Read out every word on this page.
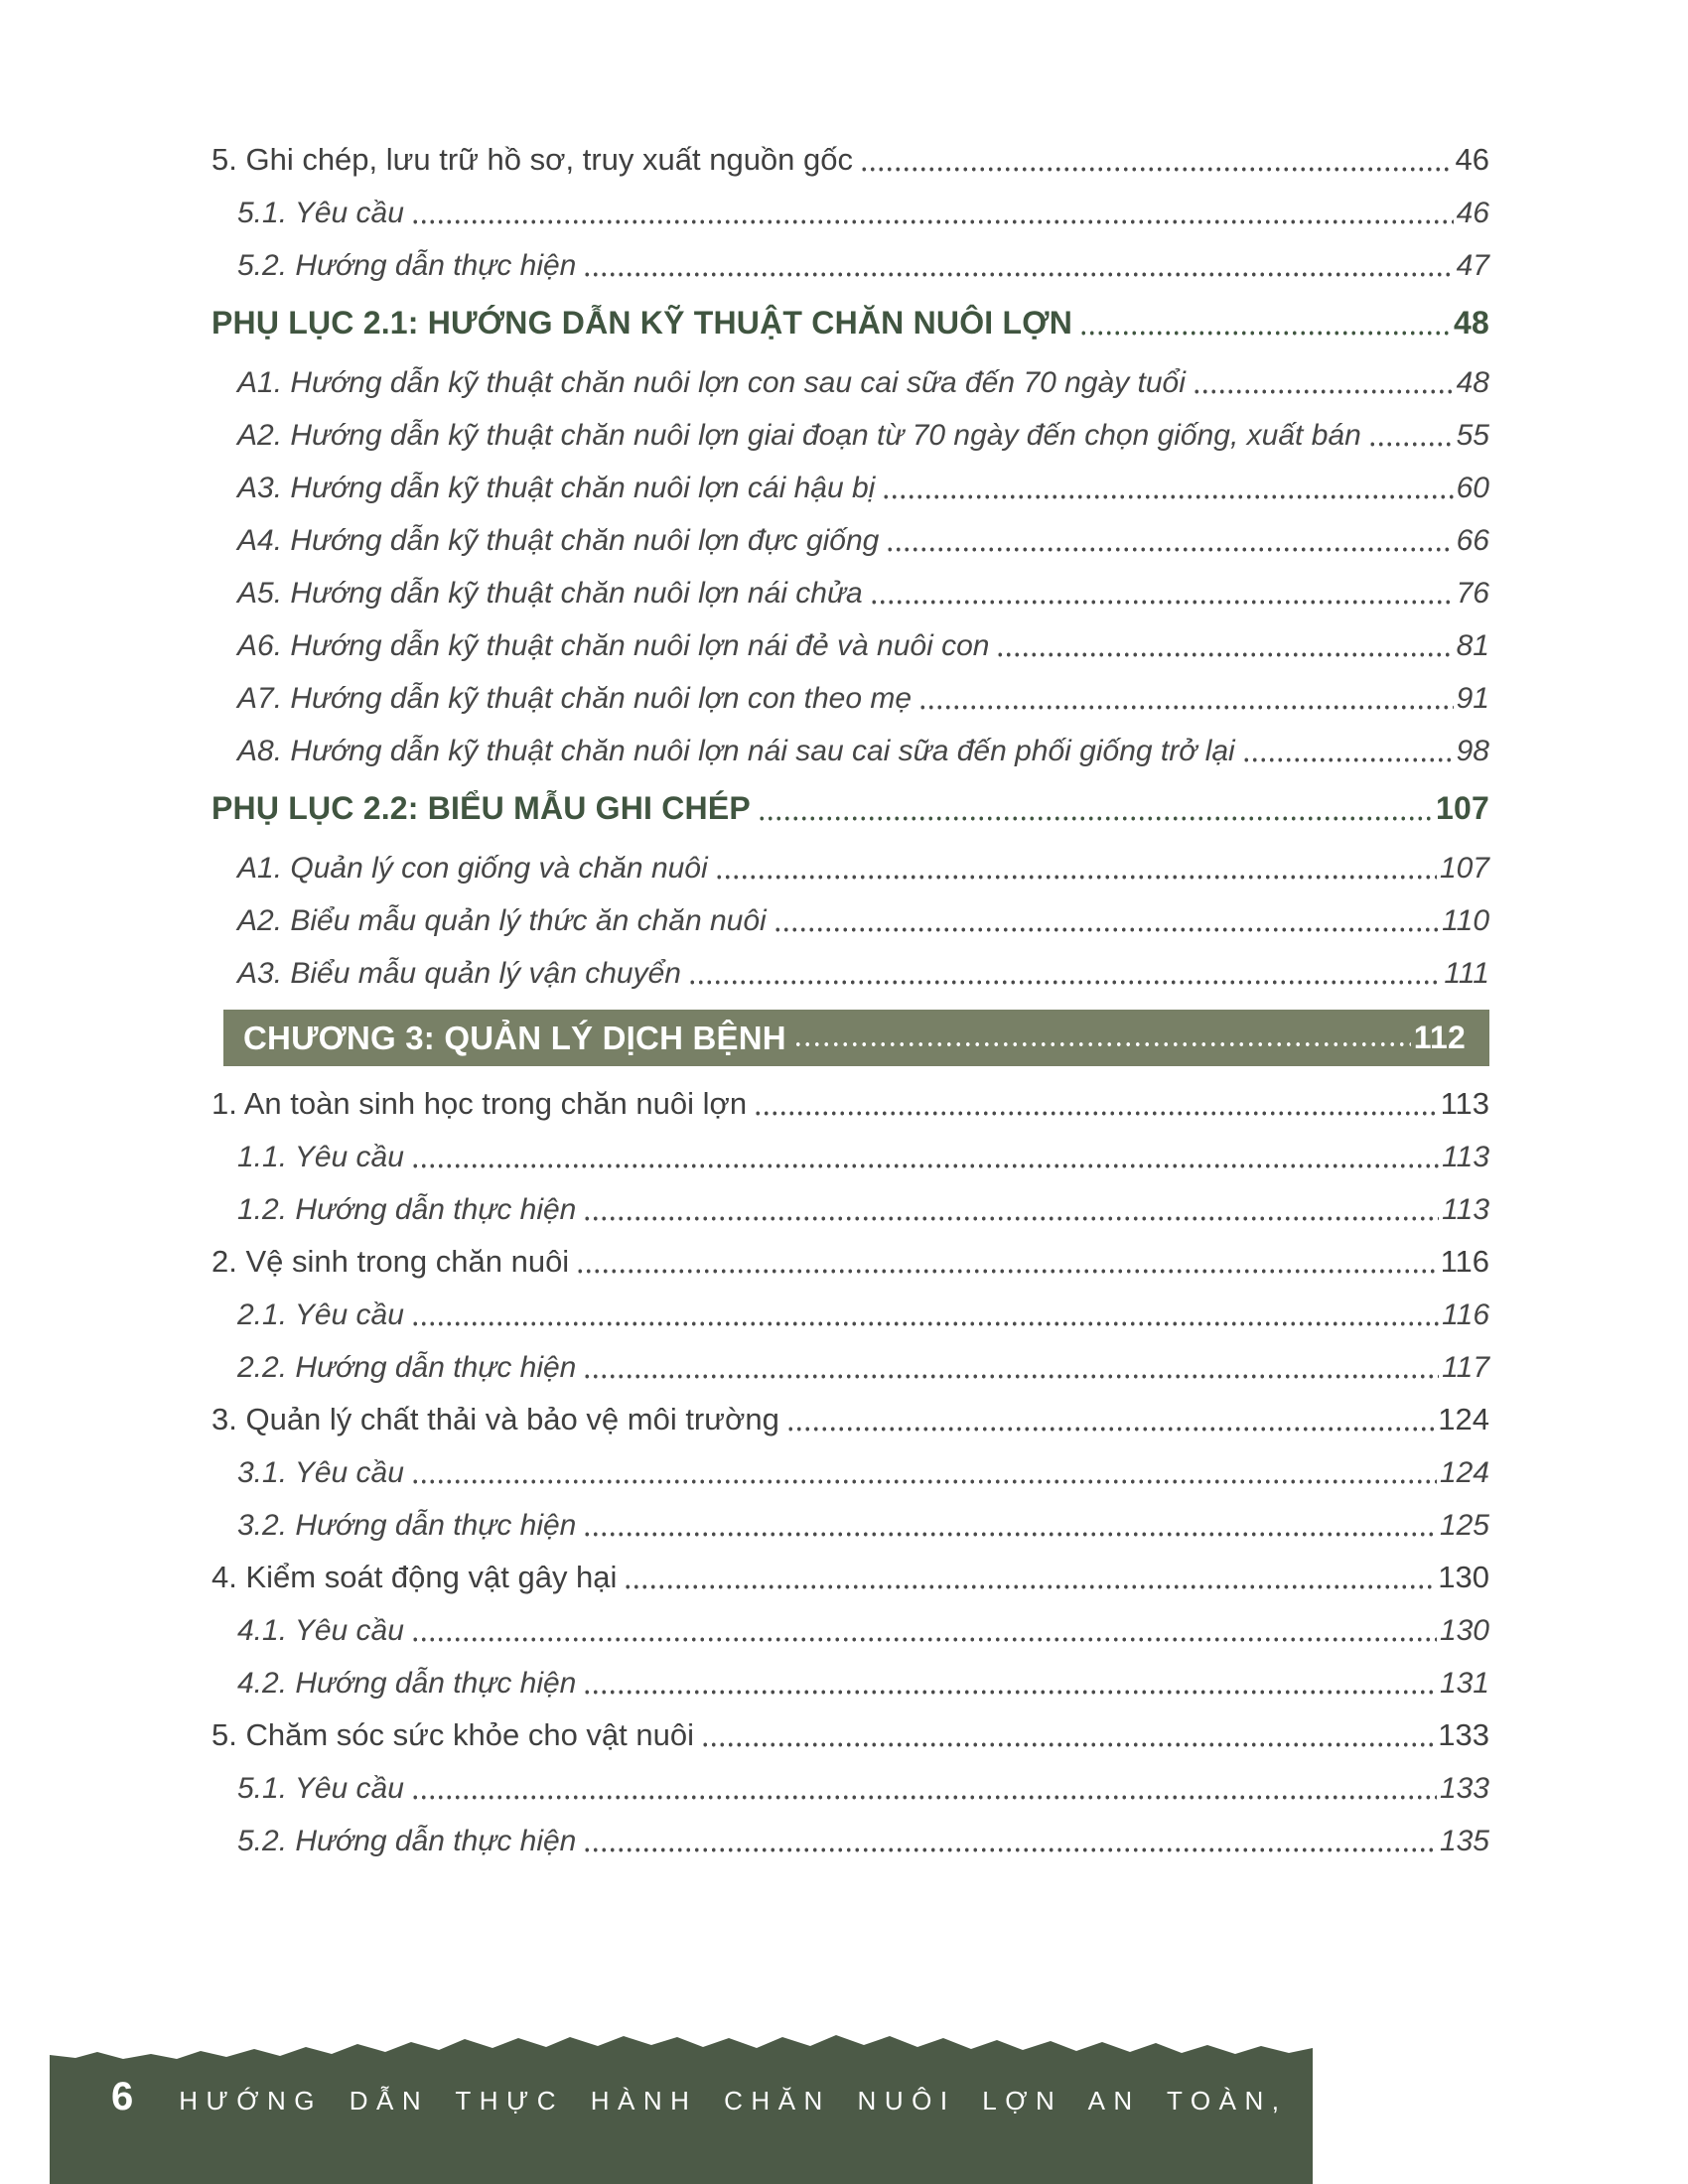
5. Ghi chép, lưu trữ hồ sơ, truy xuất nguồn gốc	46
5.1. Yêu cầu	46
5.2. Hướng dẫn thực hiện	47
PHỤ LỤC 2.1: HƯỚNG DẪN KỸ THUẬT CHĂN NUÔI LỢN	48
A1. Hướng dẫn kỹ thuật chăn nuôi lợn con sau cai sữa đến 70 ngày tuổi	48
A2. Hướng dẫn kỹ thuật chăn nuôi lợn giai đoạn từ 70 ngày đến chọn giống, xuất bán	55
A3. Hướng dẫn kỹ thuật chăn nuôi lợn cái hậu bị	60
A4. Hướng dẫn kỹ thuật chăn nuôi lợn đực giống	66
A5. Hướng dẫn kỹ thuật chăn nuôi lợn nái chửa	76
A6. Hướng dẫn kỹ thuật chăn nuôi lợn nái đẻ và nuôi con	81
A7. Hướng dẫn kỹ thuật chăn nuôi lợn con theo mẹ	91
A8. Hướng dẫn kỹ thuật chăn nuôi lợn nái sau cai sữa đến phối giống trở lại	98
PHỤ LỤC 2.2: BIỂU MẪU GHI CHÉP	107
A1. Quản lý con giống và chăn nuôi	107
A2. Biểu mẫu quản lý thức ăn chăn nuôi	110
A3. Biểu mẫu quản lý vận chuyển	111
CHƯƠNG 3: QUẢN LÝ DỊCH BỆNH	112
1. An toàn sinh học trong chăn nuôi lợn	113
1.1. Yêu cầu	113
1.2. Hướng dẫn thực hiện	113
2. Vệ sinh trong chăn nuôi	116
2.1. Yêu cầu	116
2.2. Hướng dẫn thực hiện	117
3. Quản lý chất thải và bảo vệ môi trường	124
3.1. Yêu cầu	124
3.2. Hướng dẫn thực hiện	125
4. Kiểm soát động vật gây hại	130
4.1. Yêu cầu	130
4.2. Hướng dẫn thực hiện	131
5. Chăm sóc sức khỏe cho vật nuôi	133
5.1. Yêu cầu	133
5.2. Hướng dẫn thực hiện	135
6 HƯỚNG DẪN THỰC HÀNH CHĂN NUÔI LỢN AN TOÀN, BỀN VỮNG
